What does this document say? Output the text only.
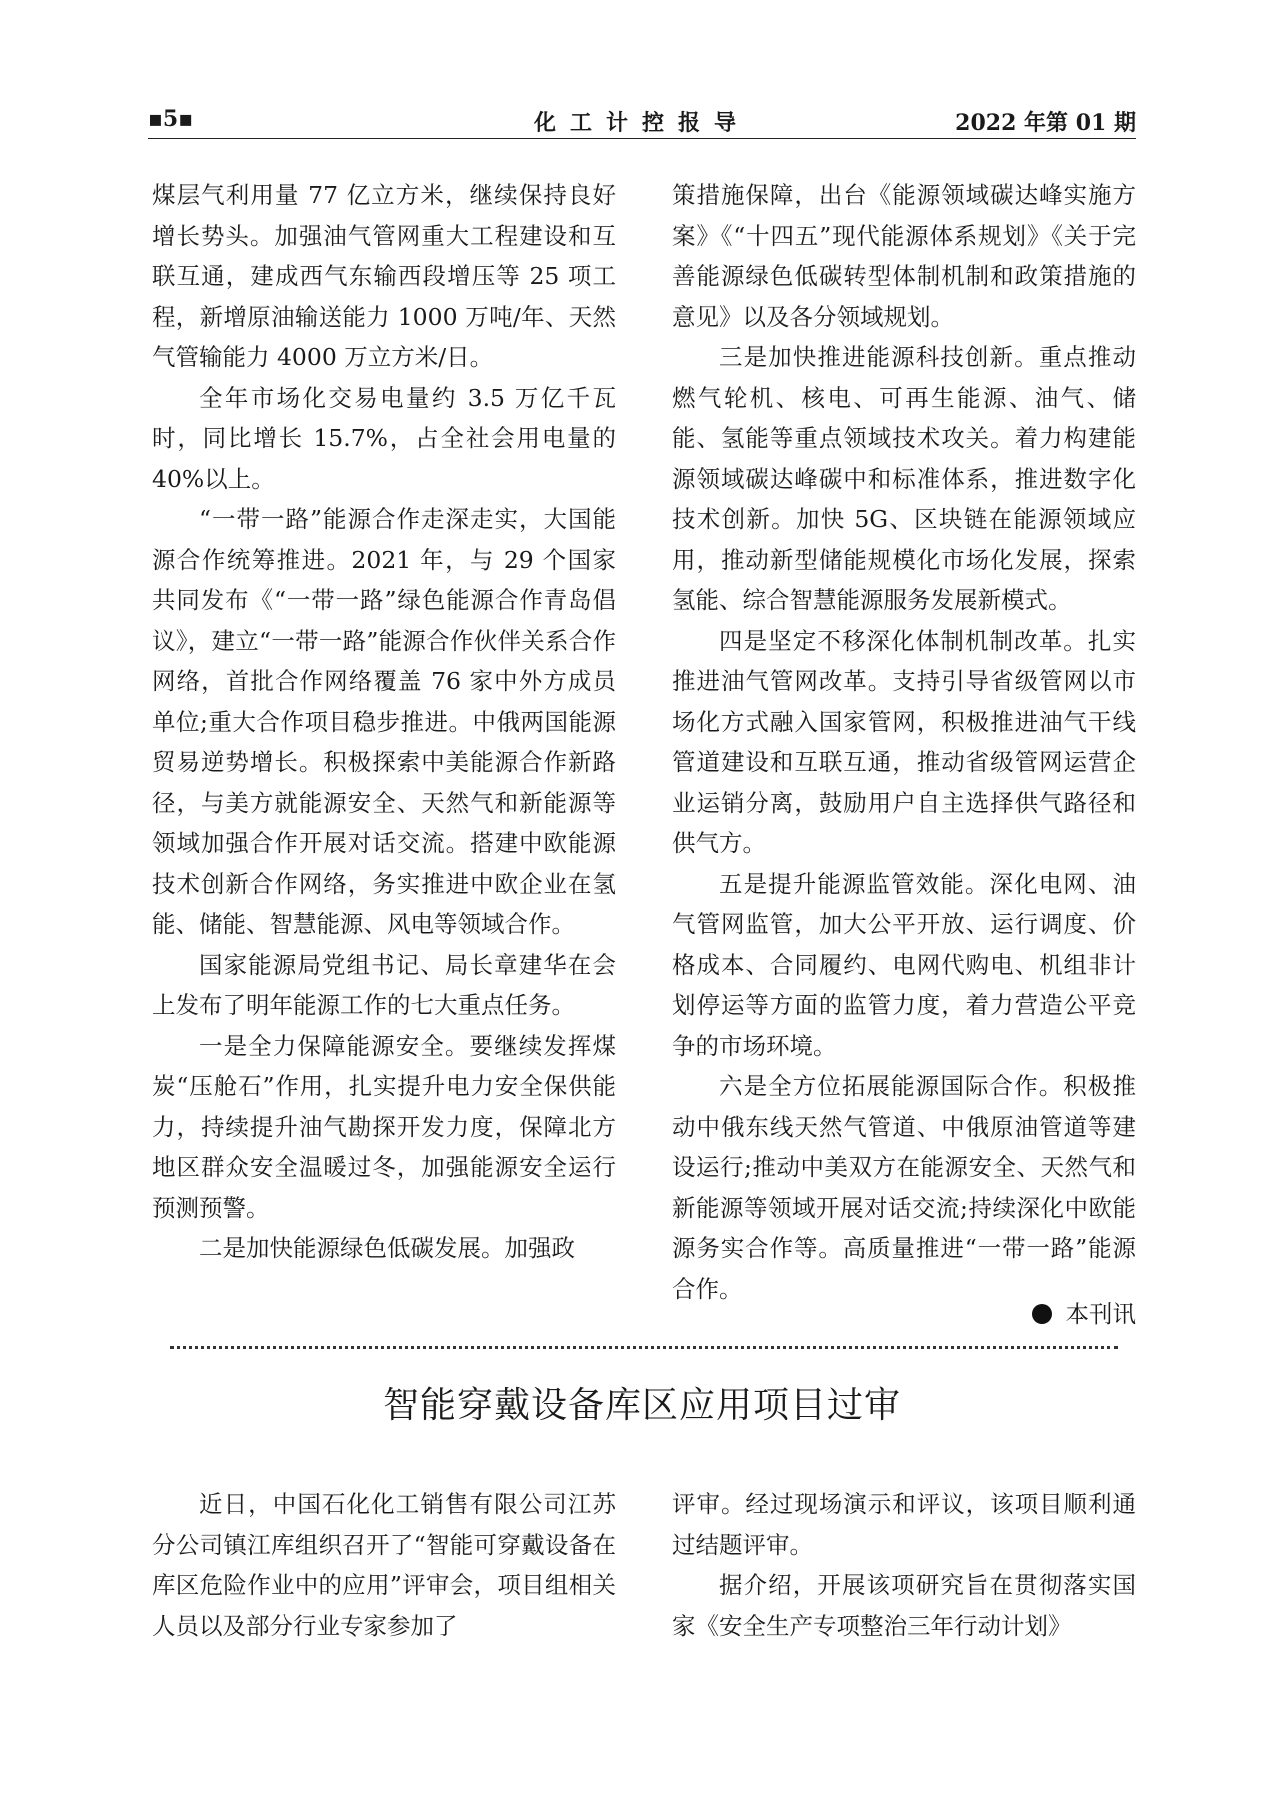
▪5▪	化工计控报导	2022 年第 01 期

煤层气利用量 77 亿立方米，继续保持良好增长势头。加强油气管网重大工程建设和互联互通，建成西气东输西段增压等 25 项工程，新增原油输送能力 1000 万吨/年、天然气管输能力 4000 万立方米/日。

全年市场化交易电量约 3.5 万亿千瓦时，同比增长 15.7%，占全社会用电量的 40%以上。

“一带一路”能源合作走深走实，大国能源合作统筹推进。2021 年，与 29 个国家共同发布《“一带一路”绿色能源合作青岛倡议》，建立“一带一路”能源合作伙伴关系合作网络，首批合作网络覆盖 76 家中外方成员单位;重大合作项目稳步推进。中俄两国能源贸易逆势增长。积极探索中美能源合作新路径，与美方就能源安全、天然气和新能源等领域加强合作开展对话交流。搭建中欧能源技术创新合作网络，务实推进中欧企业在氢能、储能、智慧能源、风电等领域合作。

国家能源局党组书记、局长章建华在会上发布了明年能源工作的七大重点任务。

一是全力保障能源安全。要继续发挥煤炭“压舱石”作用，扎实提升电力安全保供能力，持续提升油气勘探开发力度，保障北方地区群众安全温暖过冬，加强能源安全运行预测预警。

二是加快能源绿色低碳发展。加强政

策措施保障，出台《能源领域碳达峰实施方案》《“十四五”现代能源体系规划》《关于完善能源绿色低碳转型体制机制和政策措施的意见》以及各分领域规划。

三是加快推进能源科技创新。重点推动燃气轮机、核电、可再生能源、油气、储能、氢能等重点领域技术攻关。着力构建能源领域碳达峰碳中和标准体系，推进数字化技术创新。加快 5G、区块链在能源领域应用，推动新型储能规模化市场化发展，探索氢能、综合智慧能源服务发展新模式。

四是坚定不移深化体制机制改革。扎实推进油气管网改革。支持引导省级管网以市场化方式融入国家管网，积极推进油气干线管道建设和互联互通，推动省级管网运营企业运销分离，鼓励用户自主选择供气路径和供气方。

五是提升能源监管效能。深化电网、油气管网监管，加大公平开放、运行调度、价格成本、合同履约、电网代购电、机组非计划停运等方面的监管力度，着力营造公平竞争的市场环境。

六是全方位拓展能源国际合作。积极推动中俄东线天然气管道、中俄原油管道等建设运行;推动中美双方在能源安全、天然气和新能源等领域开展对话交流;持续深化中欧能源务实合作等。高质量推进“一带一路”能源合作。

本刊讯
智能穿戴设备库区应用项目过审

近日，中国石化化工销售有限公司江苏分公司镇江库组织召开了“智能可穿戴设备在库区危险作业中的应用”评审会，项目组相关人员以及部分行业专家参加了

评审。经过现场演示和评议，该项目顺利通过结题评审。

据介绍，开展该项研究旨在贯彻落实国家《安全生产专项整治三年行动计划》
